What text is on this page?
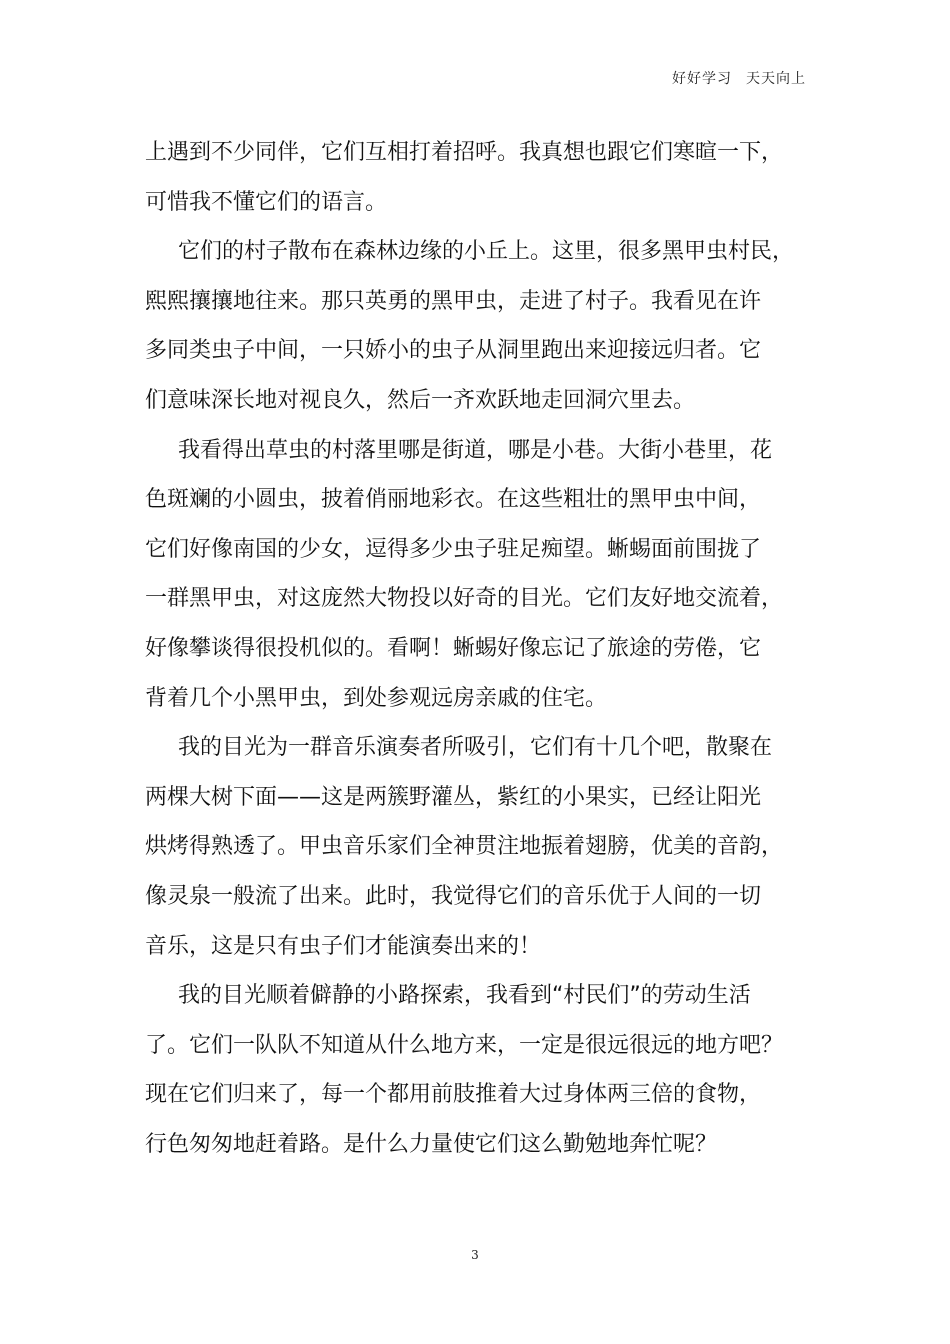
好好学习 天天向上
上遇到不少同伴，它们互相打着招呼。我真想也跟它们寒暄一下，
可惜我不懂它们的语言。
它们的村子散布在森林边缘的小丘上。这里，很多黑甲虫村民，
熙熙攘攘地往来。那只英勇的黑甲虫，走进了村子。我看见在许
多同类虫子中间，一只娇小的虫子从洞里跑出来迎接远归者。它
们意味深长地对视良久，然后一齐欢跃地走回洞穴里去。
我看得出草虫的村落里哪是街道，哪是小巷。大街小巷里，花
色斑斓的小圆虫，披着俏丽地彩衣。在这些粗壮的黑甲虫中间，
它们好像南国的少女，逗得多少虫子驻足痴望。蜥蜴面前围拢了
一群黑甲虫，对这庞然大物投以好奇的目光。它们友好地交流着，
好像攀谈得很投机似的。看啊！蜥蜴好像忘记了旅途的劳倦，它
背着几个小黑甲虫，到处参观远房亲戚的住宅。
我的目光为一群音乐演奏者所吸引，它们有十几个吧，散聚在
两棵大树下面——这是两簇野灌丛，紫红的小果实，已经让阳光
烘烤得熟透了。甲虫音乐家们全神贯注地振着翅膀，优美的音韵，
像灵泉一般流了出来。此时，我觉得它们的音乐优于人间的一切
音乐，这是只有虫子们才能演奏出来的！
我的目光顺着僻静的小路探索，我看到“村民们”的劳动生活
了。它们一队队不知道从什么地方来，一定是很远很远的地方吧？
现在它们归来了，每一个都用前肢推着大过身体两三倍的食物，
行色匆匆地赶着路。是什么力量使它们这么勤勉地奔忙呢？
3
